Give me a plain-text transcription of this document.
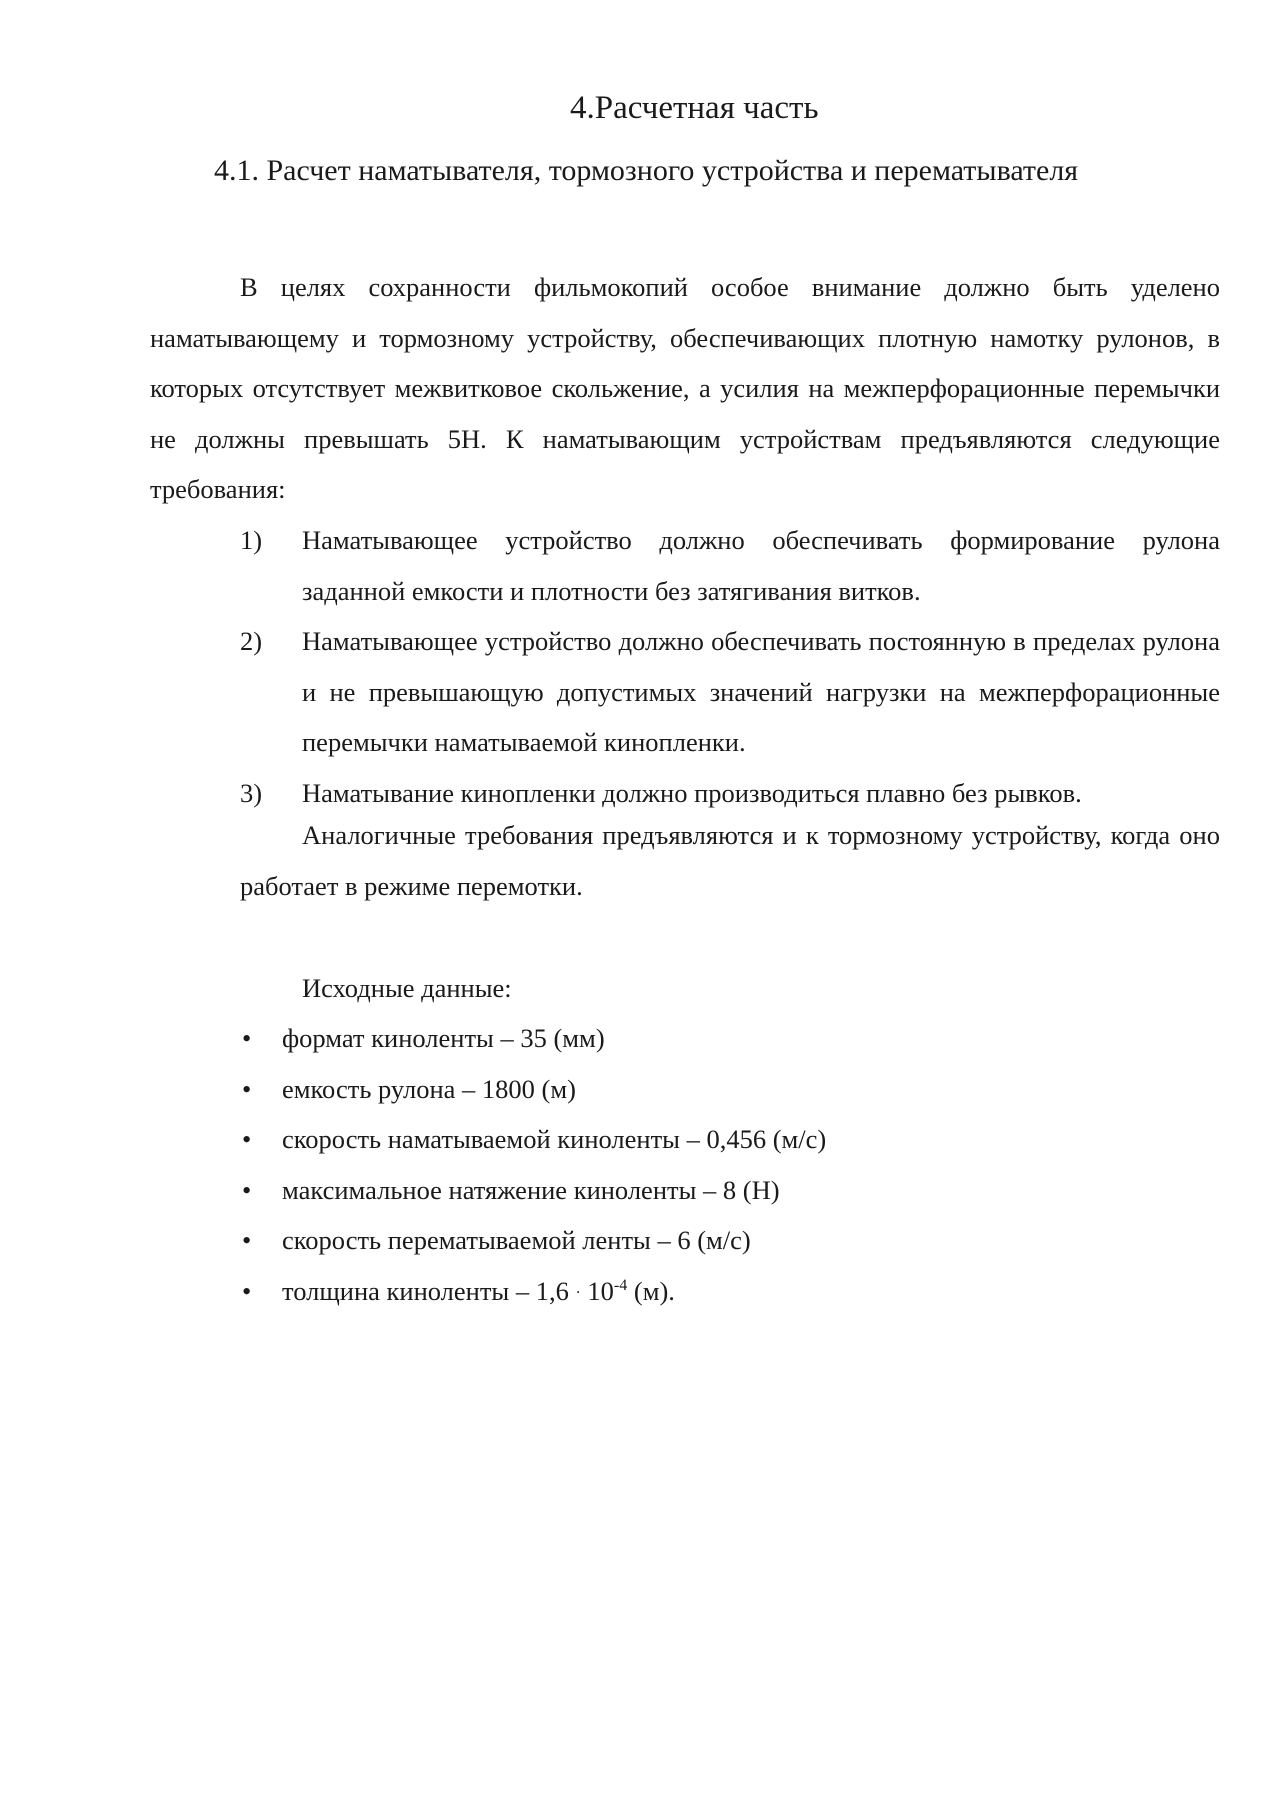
4.Расчетная часть
4.1. Расчет наматывателя, тормозного устройства и перематывателя

В целях сохранности фильмокопий особое внимание должно быть уделено наматывающему и тормозному устройству, обеспечивающих плотную намотку рулонов, в которых отсутствует межвитковое скольжение, а усилия на межперфорационные перемычки не должны превышать 5Н. К наматывающим устройствам предъявляются следующие требования:

1) Наматывающее устройство должно обеспечивать формирование рулона заданной емкости и плотности без затягивания витков.
2) Наматывающее устройство должно обеспечивать постоянную в пределах рулона и не превышающую допустимых значений нагрузки на межперфорационные перемычки наматываемой кинопленки.
3) Наматывание кинопленки должно производиться плавно без рывков.

Аналогичные требования предъявляются и к тормозному устройству, когда оно работает в режиме перемотки.

Исходные данные:
• формат киноленты – 35 (мм)
• емкость рулона – 1800 (м)
• скорость наматываемой киноленты – 0,456 (м/с)
• максимальное натяжение киноленты – 8 (Н)
• скорость перематываемой ленты – 6 (м/с)
• толщина киноленты – $1,6 \cdot 10^{-4}$ (м).
